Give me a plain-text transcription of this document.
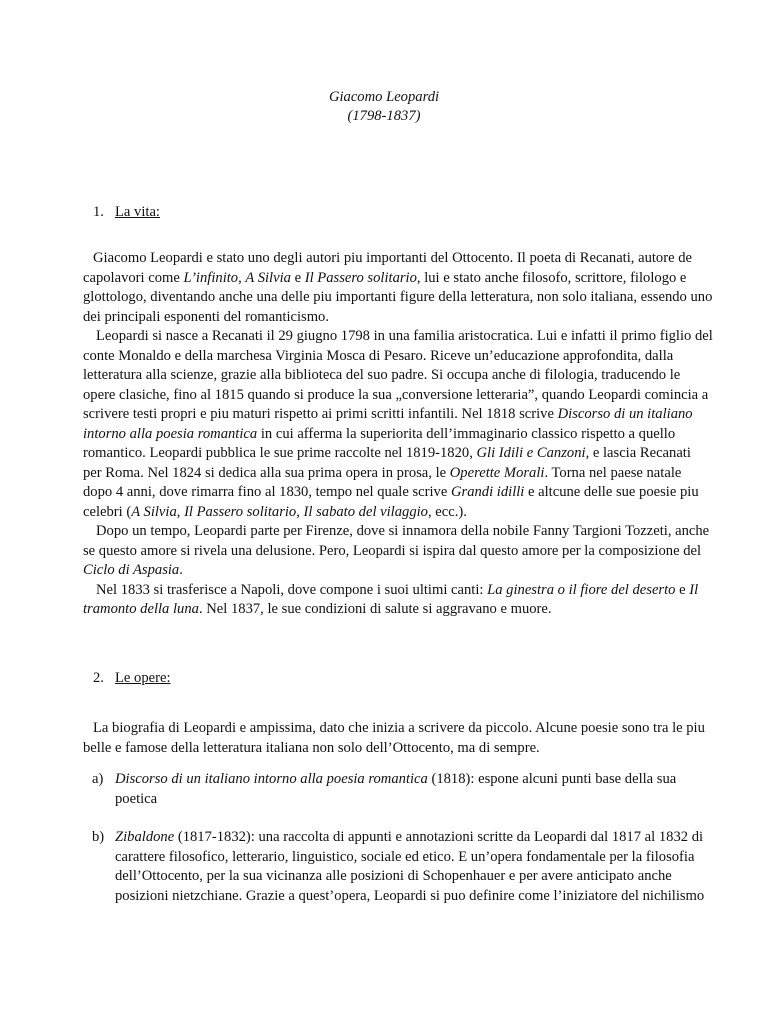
Giacomo Leopardi
(1798-1837)
1. La vita:

Giacomo Leopardi e stato uno degli autori piu importanti del Ottocento. Il poeta di Recanati, autore de capolavori come L’infinito, A Silvia e Il Passero solitario, lui e stato anche filosofo, scrittore, filologo e glottologo, diventando anche una delle piu importanti figure della letteratura, non solo italiana, essendo uno dei principali esponenti del romanticismo.

Leopardi si nasce a Recanati il 29 giugno 1798 in una familia aristocratica. Lui e infatti il primo figlio del conte Monaldo e della marchesa Virginia Mosca di Pesaro. Riceve un’educazione approfondita, dalla letteratura alla scienze, grazie alla biblioteca del suo padre. Si occupa anche di filologia, traducendo le opere clasiche, fino al 1815 quando si produce la sua „conversione letteraria”, quando Leopardi comincia a scrivere testi propri e piu maturi rispetto ai primi scritti infantili. Nel 1818 scrive Discorso di un italiano intorno alla poesia romantica in cui afferma la superiorita dell’immaginario classico rispetto a quello romantico. Leopardi pubblica le sue prime raccolte nel 1819-1820, Gli Idili e Canzoni, e lascia Recanati per Roma. Nel 1824 si dedica alla sua prima opera in prosa, le Operette Morali. Torna nel paese natale dopo 4 anni, dove rimarra fino al 1830, tempo nel quale scrive Grandi idilli e altcune delle sue poesie piu celebri (A Silvia, Il Passero solitario, Il sabato del vilaggio, ecc.).

Dopo un tempo, Leopardi parte per Firenze, dove si innamora della nobile Fanny Targioni Tozzeti, anche se questo amore si rivela una delusione. Pero, Leopardi si ispira dal questo amore per la composizione del Ciclo di Aspasia.

Nel 1833 si trasferisce a Napoli, dove compone i suoi ultimi canti: La ginestra o il fiore del deserto e Il tramonto della luna. Nel 1837, le sue condizioni di salute si aggravano e muore.

2. Le opere:

La biografia di Leopardi e ampissima, dato che inizia a scrivere da piccolo. Alcune poesie sono tra le piu belle e famose della letteratura italiana non solo dell’Ottocento, ma di sempre.

a) Discorso di un italiano intorno alla poesia romantica (1818): espone alcuni punti base della sua poetica
b) Zibaldone (1817-1832): una raccolta di appunti e annotazioni scritte da Leopardi dal 1817 al 1832 di carattere filosofico, letterario, linguistico, sociale ed etico. E un’opera fondamentale per la filosofia dell’Ottocento, per la sua vicinanza alle posizioni di Schopenhauer e per avere anticipato anche posizioni nietzchiane. Grazie a quest’opera, Leopardi si puo definire come l’iniziatore del nichilismo
